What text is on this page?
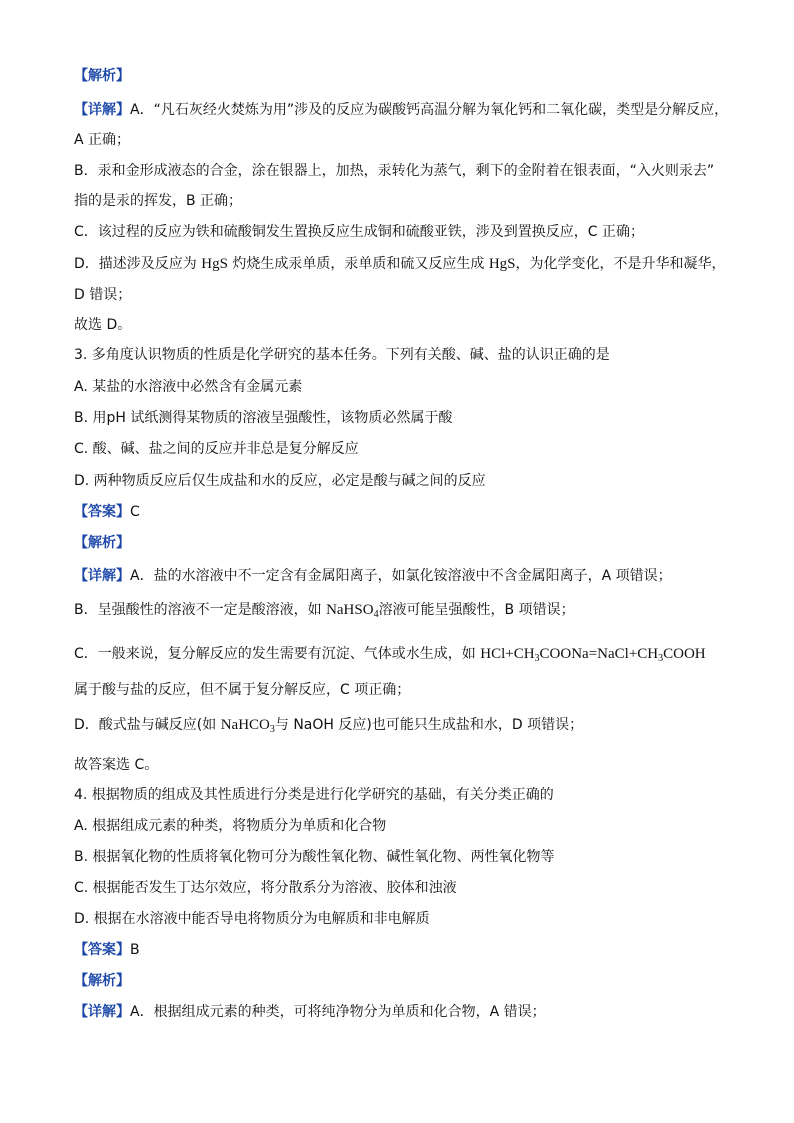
【解析】
【详解】A．“凡石灰经火焚炼为用”涉及的反应为碳酸钙高温分解为氧化钙和二氧化碳，类型是分解反应，
A 正确；
B．汞和金形成液态的合金，涂在银器上，加热，汞转化为蒸气，剩下的金附着在银表面，“入火则汞去”
指的是汞的挥发，B 正确；
C．该过程的反应为铁和硫酸铜发生置换反应生成铜和硫酸亚铁，涉及到置换反应，C 正确；
D．描述涉及反应为 HgS 灼烧生成汞单质，汞单质和硫又反应生成 HgS，为化学变化，不是升华和凝华，
D 错误；
故选 D。
3. 多角度认识物质的性质是化学研究的基本任务。下列有关酸、碱、盐的认识正确的是
A. 某盐的水溶液中必然含有金属元素
B. 用pH 试纸测得某物质的溶液呈强酸性，该物质必然属于酸
C. 酸、碱、盐之间的反应并非总是复分解反应
D. 两种物质反应后仅生成盐和水的反应，必定是酸与碱之间的反应
【答案】C
【解析】
【详解】A．盐的水溶液中不一定含有金属阳离子，如氯化铵溶液中不含金属阳离子，A 项错误；
B．呈强酸性的溶液不一定是酸溶液，如 NaHSO$_4$溶液可能呈强酸性，B 项错误；
C．一般来说，复分解反应的发生需要有沉淀、气体或水生成，如 $HCl+CH_3COONa=NaCl+CH_3COOH$
属于酸与盐的反应，但不属于复分解反应，C 项正确；
D．酸式盐与碱反应(如 NaHCO$_3$与 NaOH 反应)也可能只生成盐和水，D 项错误；
故答案选 C。
4. 根据物质的组成及其性质进行分类是进行化学研究的基础，有关分类正确的
A. 根据组成元素的种类，将物质分为单质和化合物
B. 根据氧化物的性质将氧化物可分为酸性氧化物、碱性氧化物、两性氧化物等
C. 根据能否发生丁达尔效应，将分散系分为溶液、胶体和浊液
D. 根据在水溶液中能否导电将物质分为电解质和非电解质
【答案】B
【解析】
【详解】A．根据组成元素的种类，可将纯净物分为单质和化合物，A 错误；
